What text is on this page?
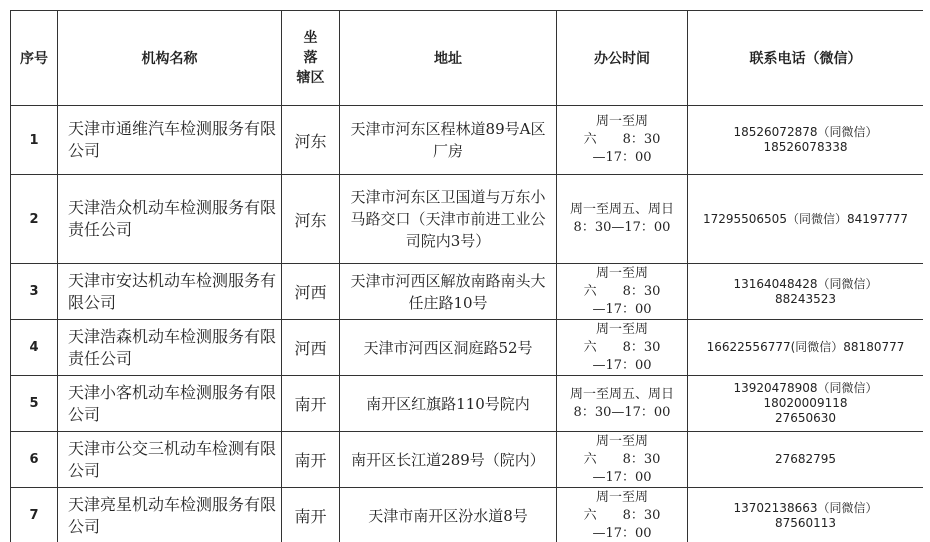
序号	机构名称	坐
落
辖区	地址	办公时间	联系电话（微信）

1	天津市通维汽车检测服务有限公司	河东	天津市河东区程林道89号A区厂房	周一至周
六　　8：30
—17：00	18526072878（同微信）
18526078338

2	天津浩众机动车检测服务有限责任公司	河东	天津市河东区卫国道与万东小马路交口（天津市前进工业公司院内3号）	周一至周五、周日 8：30—17：00	17295506505（同微信）84197777

3	天津市安达机动车检测服务有限公司	河西	天津市河西区解放南路南头大任庄路10号	周一至周
六　　8：30
—17：00	13164048428（同微信）
88243523

4	天津浩森机动车检测服务有限责任公司	河西	天津市河西区洞庭路52号	周一至周
六　　8：30
—17：00	16622556777(同微信）88180777

5	天津小客机动车检测服务有限公司	南开	南开区红旗路110号院内	周一至周五、周日 8：30—17：00	13920478908（同微信）
18020009118
27650630

6	天津市公交三机动车检测有限公司	南开	南开区长江道289号（院内）	周一至周
六　　8：30
—17：00	27682795

7	天津亮星机动车检测服务有限公司	南开	天津市南开区汾水道8号	周一至周
六　　8：30
—17：00	13702138663（同微信）
87560113
